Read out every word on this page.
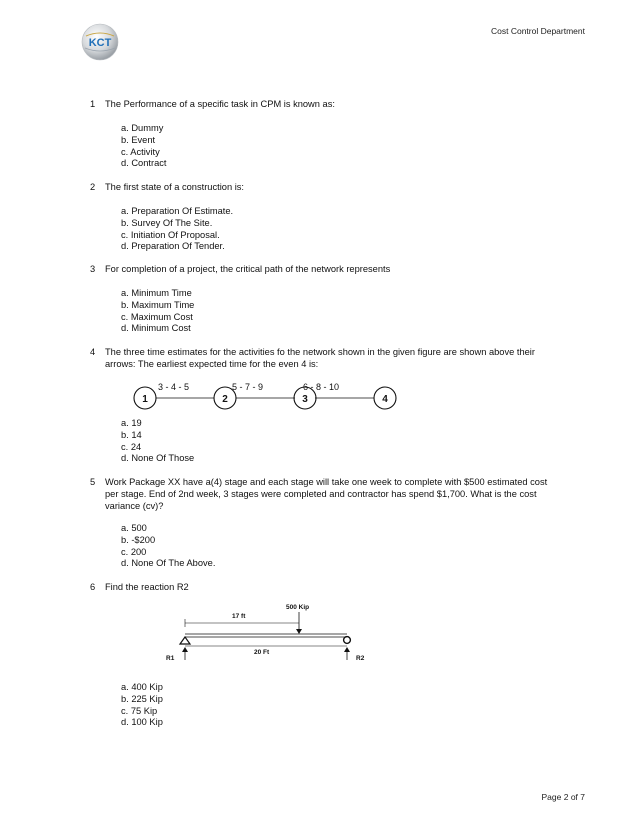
KCT
Cost Control Department
1 The Performance of a specific task in CPM is known as:
a. Dummy
b. Event
c. Activity
d. Contract
2 The first state of a construction is:
a. Preparation Of Estimate.
b. Survey Of The Site.
c. Initiation Of Proposal.
d. Preparation Of Tender.
3 For completion of a project, the critical path of the network represents
a. Minimum Time
b. Maximum Time
c. Maximum Cost
d. Minimum Cost
4 The three time estimates for the activities fo the network shown in the given figure are shown above their arrows: The earliest expected time for the even 4 is:
3 - 4 - 5	5 - 7 - 9	6 - 8 - 10
1	2	3	4
a. 19
b. 14
c. 24
d. None Of Those
5 Work Package XX have a(4) stage and each stage will take one week to complete with $500 estimated cost per stage. End of 2nd week, 3 stages were completed and contractor has spend $1,700. What is the cost variance (cv)?
a. 500
b. -$200
c. 200
d. None Of The Above.
6 Find the reaction R2
500 Kip
17 ft
20 Ft
R1	R2
a. 400 Kip
b. 225 Kip
c. 75 Kip
d. 100 Kip
Page 2 of 7
